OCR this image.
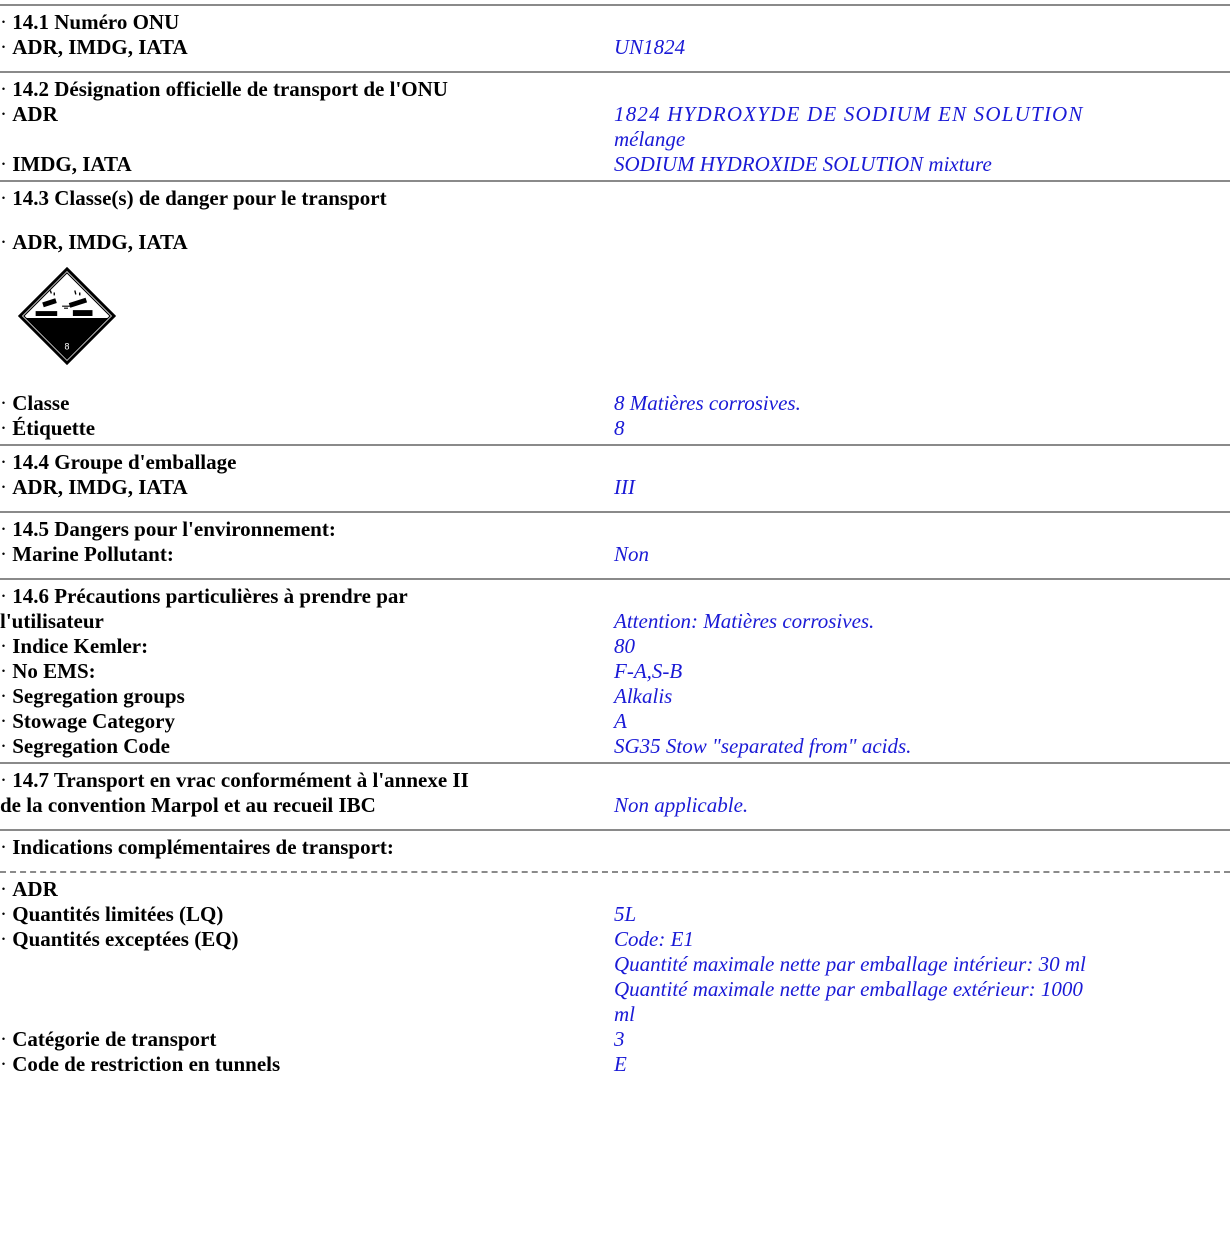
· 14.1 Numéro ONU
· ADR, IMDG, IATA	UN1824
· 14.2 Désignation officielle de transport de l'ONU
· ADR	1824 HYDROXYDE DE SODIUM EN SOLUTION
mélange
· IMDG, IATA	SODIUM HYDROXIDE SOLUTION mixture
· 14.3 Classe(s) de danger pour le transport
· ADR, IMDG, IATA
8
· Classe	8 Matières corrosives.
· Étiquette	8
· 14.4 Groupe d'emballage
· ADR, IMDG, IATA	III
· 14.5 Dangers pour l'environnement:
· Marine Pollutant:	Non
· 14.6 Précautions particulières à prendre par
l'utilisateur	Attention: Matières corrosives.
· Indice Kemler:	80
· No EMS:	F-A,S-B
· Segregation groups	Alkalis
· Stowage Category	A
· Segregation Code	SG35 Stow "separated from" acids.
· 14.7 Transport en vrac conformément à l'annexe II
de la convention Marpol et au recueil IBC	Non applicable.
· Indications complémentaires de transport:
· ADR
· Quantités limitées (LQ)	5L
· Quantités exceptées (EQ)	Code: E1
Quantité maximale nette par emballage intérieur: 30 ml
Quantité maximale nette par emballage extérieur: 1000
ml
· Catégorie de transport	3
· Code de restriction en tunnels	E
